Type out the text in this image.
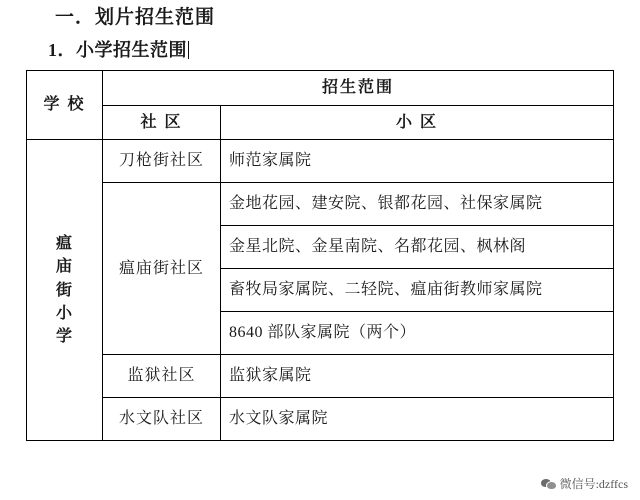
一．划片招生范围
1．小学招生范围
学 校	招生范围	
	社 区	小 区
瘟
庙
街
小
学	刀枪街社区	师范家属院
	瘟庙街社区	金地花园、建安院、银都花园、社保家属院
		金星北院、金星南院、名都花园、枫林阁
		畜牧局家属院、二轻院、瘟庙街教师家属院
		8640 部队家属院（两个）
	监狱社区	监狱家属院
	水文队社区	水文队家属院
微信号:dzffcs
